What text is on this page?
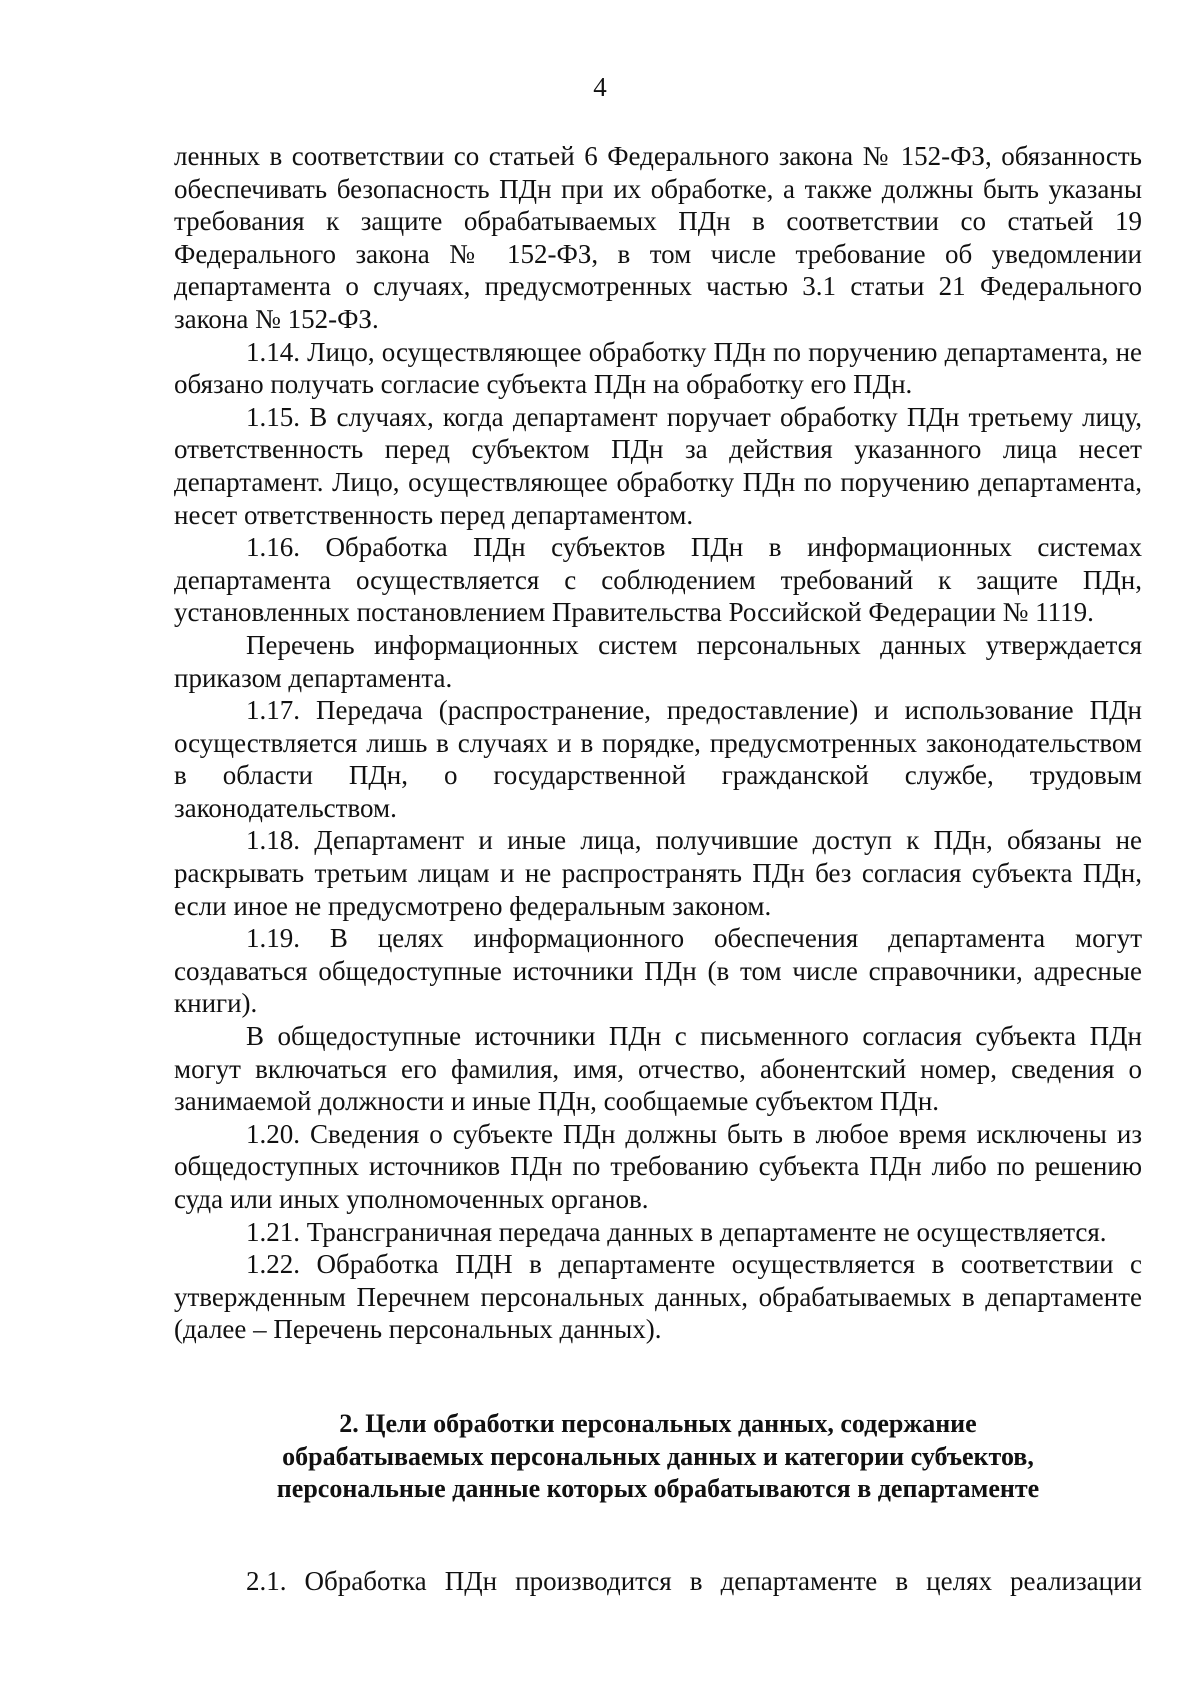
4

ленных в соответствии со статьей 6 Федерального закона № 152-ФЗ, обязанность обеспечивать безопасность ПДн при их обработке, а также должны быть указаны требования к защите обрабатываемых ПДн в соответствии со статьей 19 Федерального закона № 152-ФЗ, в том числе требование об уведомлении департамента о случаях, предусмотренных частью 3.1 статьи 21 Федерального закона № 152-ФЗ.

1.14. Лицо, осуществляющее обработку ПДн по поручению департамента, не обязано получать согласие субъекта ПДн на обработку его ПДн.

1.15. В случаях, когда департамент поручает обработку ПДн третьему лицу, ответственность перед субъектом ПДн за действия указанного лица несет департамент. Лицо, осуществляющее обработку ПДн по поручению департамента, несет ответственность перед департаментом.

1.16. Обработка ПДн субъектов ПДн в информационных системах департамента осуществляется с соблюдением требований к защите ПДн, установленных постановлением Правительства Российской Федерации № 1119.

Перечень информационных систем персональных данных утверждается приказом департамента.

1.17. Передача (распространение, предоставление) и использование ПДн осуществляется лишь в случаях и в порядке, предусмотренных законодательством в области ПДн, о государственной гражданской службе, трудовым законодательством.

1.18. Департамент и иные лица, получившие доступ к ПДн, обязаны не раскрывать третьим лицам и не распространять ПДн без согласия субъекта ПДн, если иное не предусмотрено федеральным законом.

1.19. В целях информационного обеспечения департамента могут создаваться общедоступные источники ПДн (в том числе справочники, адресные книги).

В общедоступные источники ПДн с письменного согласия субъекта ПДн могут включаться его фамилия, имя, отчество, абонентский номер, сведения о занимаемой должности и иные ПДн, сообщаемые субъектом ПДн.

1.20. Сведения о субъекте ПДн должны быть в любое время исключены из общедоступных источников ПДн по требованию субъекта ПДн либо по решению суда или иных уполномоченных органов.

1.21. Трансграничная передача данных в департаменте не осуществляется.

1.22. Обработка ПДН в департаменте осуществляется в соответствии с утвержденным Перечнем персональных данных, обрабатываемых в департаменте (далее – Перечень персональных данных).

2. Цели обработки персональных данных, содержание
обрабатываемых персональных данных и категории субъектов,
персональные данные которых обрабатываются в департаменте

2.1. Обработка ПДн производится в департаменте в целях реализации
